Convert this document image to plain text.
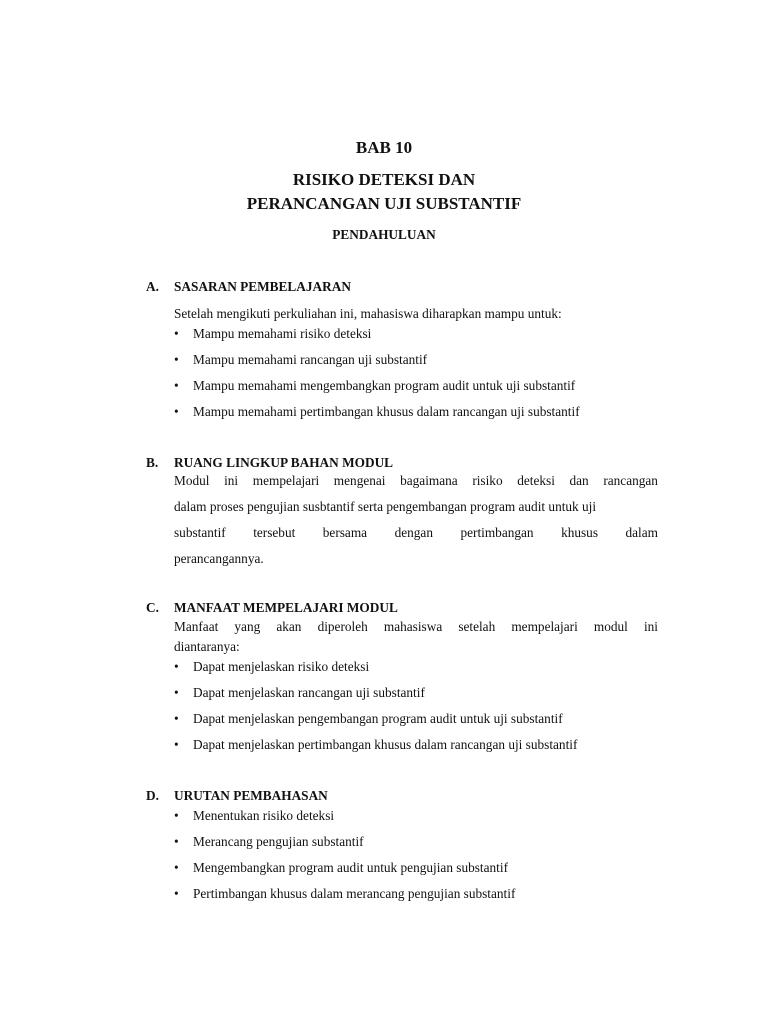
BAB 10
RISIKO DETEKSI DAN
PERANCANGAN UJI SUBSTANTIF
PENDAHULUAN
A. SASARAN PEMBELAJARAN
Setelah mengikuti perkuliahan ini, mahasiswa diharapkan mampu untuk:
• Mampu memahami risiko deteksi
• Mampu memahami rancangan uji substantif
• Mampu memahami mengembangkan program audit untuk uji substantif
• Mampu memahami pertimbangan khusus dalam rancangan uji substantif
B. RUANG LINGKUP BAHAN MODUL
Modul ini mempelajari mengenai bagaimana risiko deteksi dan rancangan
dalam proses pengujian susbtantif serta pengembangan program audit untuk uji
substantif tersebut bersama dengan pertimbangan khusus dalam
perancangannya.
C. MANFAAT MEMPELAJARI MODUL
Manfaat yang akan diperoleh mahasiswa setelah mempelajari modul ini
diantaranya:
• Dapat menjelaskan risiko deteksi
• Dapat menjelaskan rancangan uji substantif
• Dapat menjelaskan pengembangan program audit untuk uji substantif
• Dapat menjelaskan pertimbangan khusus dalam rancangan uji substantif
D. URUTAN PEMBAHASAN
• Menentukan risiko deteksi
• Merancang pengujian substantif
• Mengembangkan program audit untuk pengujian substantif
• Pertimbangan khusus dalam merancang pengujian substantif
